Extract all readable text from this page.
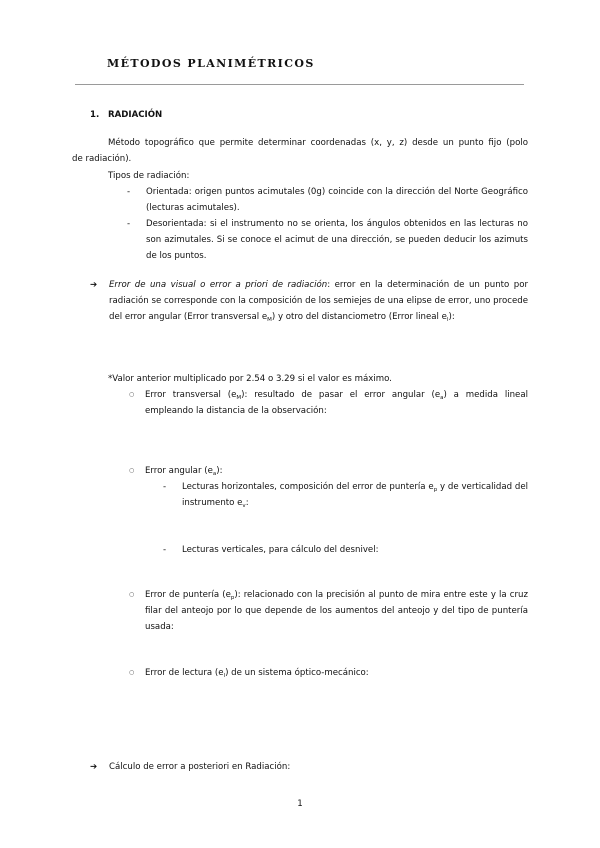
MÉTODOS PLANIMÉTRICOS
1. RADIACIÓN
Método topográfico que permite determinar coordenadas (x, y, z) desde un punto fijo (polo
de radiación).
Tipos de radiación:
- Orientada: origen puntos acimutales (0g) coincide con la dirección del Norte Geográfico (lecturas acimutales).
- Desorientada: si el instrumento no se orienta, los ángulos obtenidos en las lecturas no son azimutales. Si se conoce el acimut de una dirección, se pueden deducir los azimuts de los puntos.
➔ Error de una visual o error a priori de radiación: error en la determinación de un punto por radiación se corresponde con la composición de los semiejes de una elipse de error, uno procede del error angular (Error transversal $e_M$) y otro del distanciometro (Error lineal $e_l$):
*Valor anterior multiplicado por 2.54 o 3.29 si el valor es máximo.
○ Error transversal $(e_M)$: resultado de pasar el error angular $(e_a)$ a medida lineal empleando la distancia de la observación:
○ Error angular $(e_a)$:
- Lecturas horizontales, composición del error de puntería $e_p$ y de verticalidad del instrumento $e_v$:
- Lecturas verticales, para cálculo del desnivel:
○ Error de puntería $(e_p)$: relacionado con la precisión al punto de mira entre este y la cruz filar del anteojo por lo que depende de los aumentos del anteojo y del tipo de puntería usada:
○ Error de lectura $(e_l)$ de un sistema óptico-mecánico:
➔ Cálculo de error a posteriori en Radiación:
1
